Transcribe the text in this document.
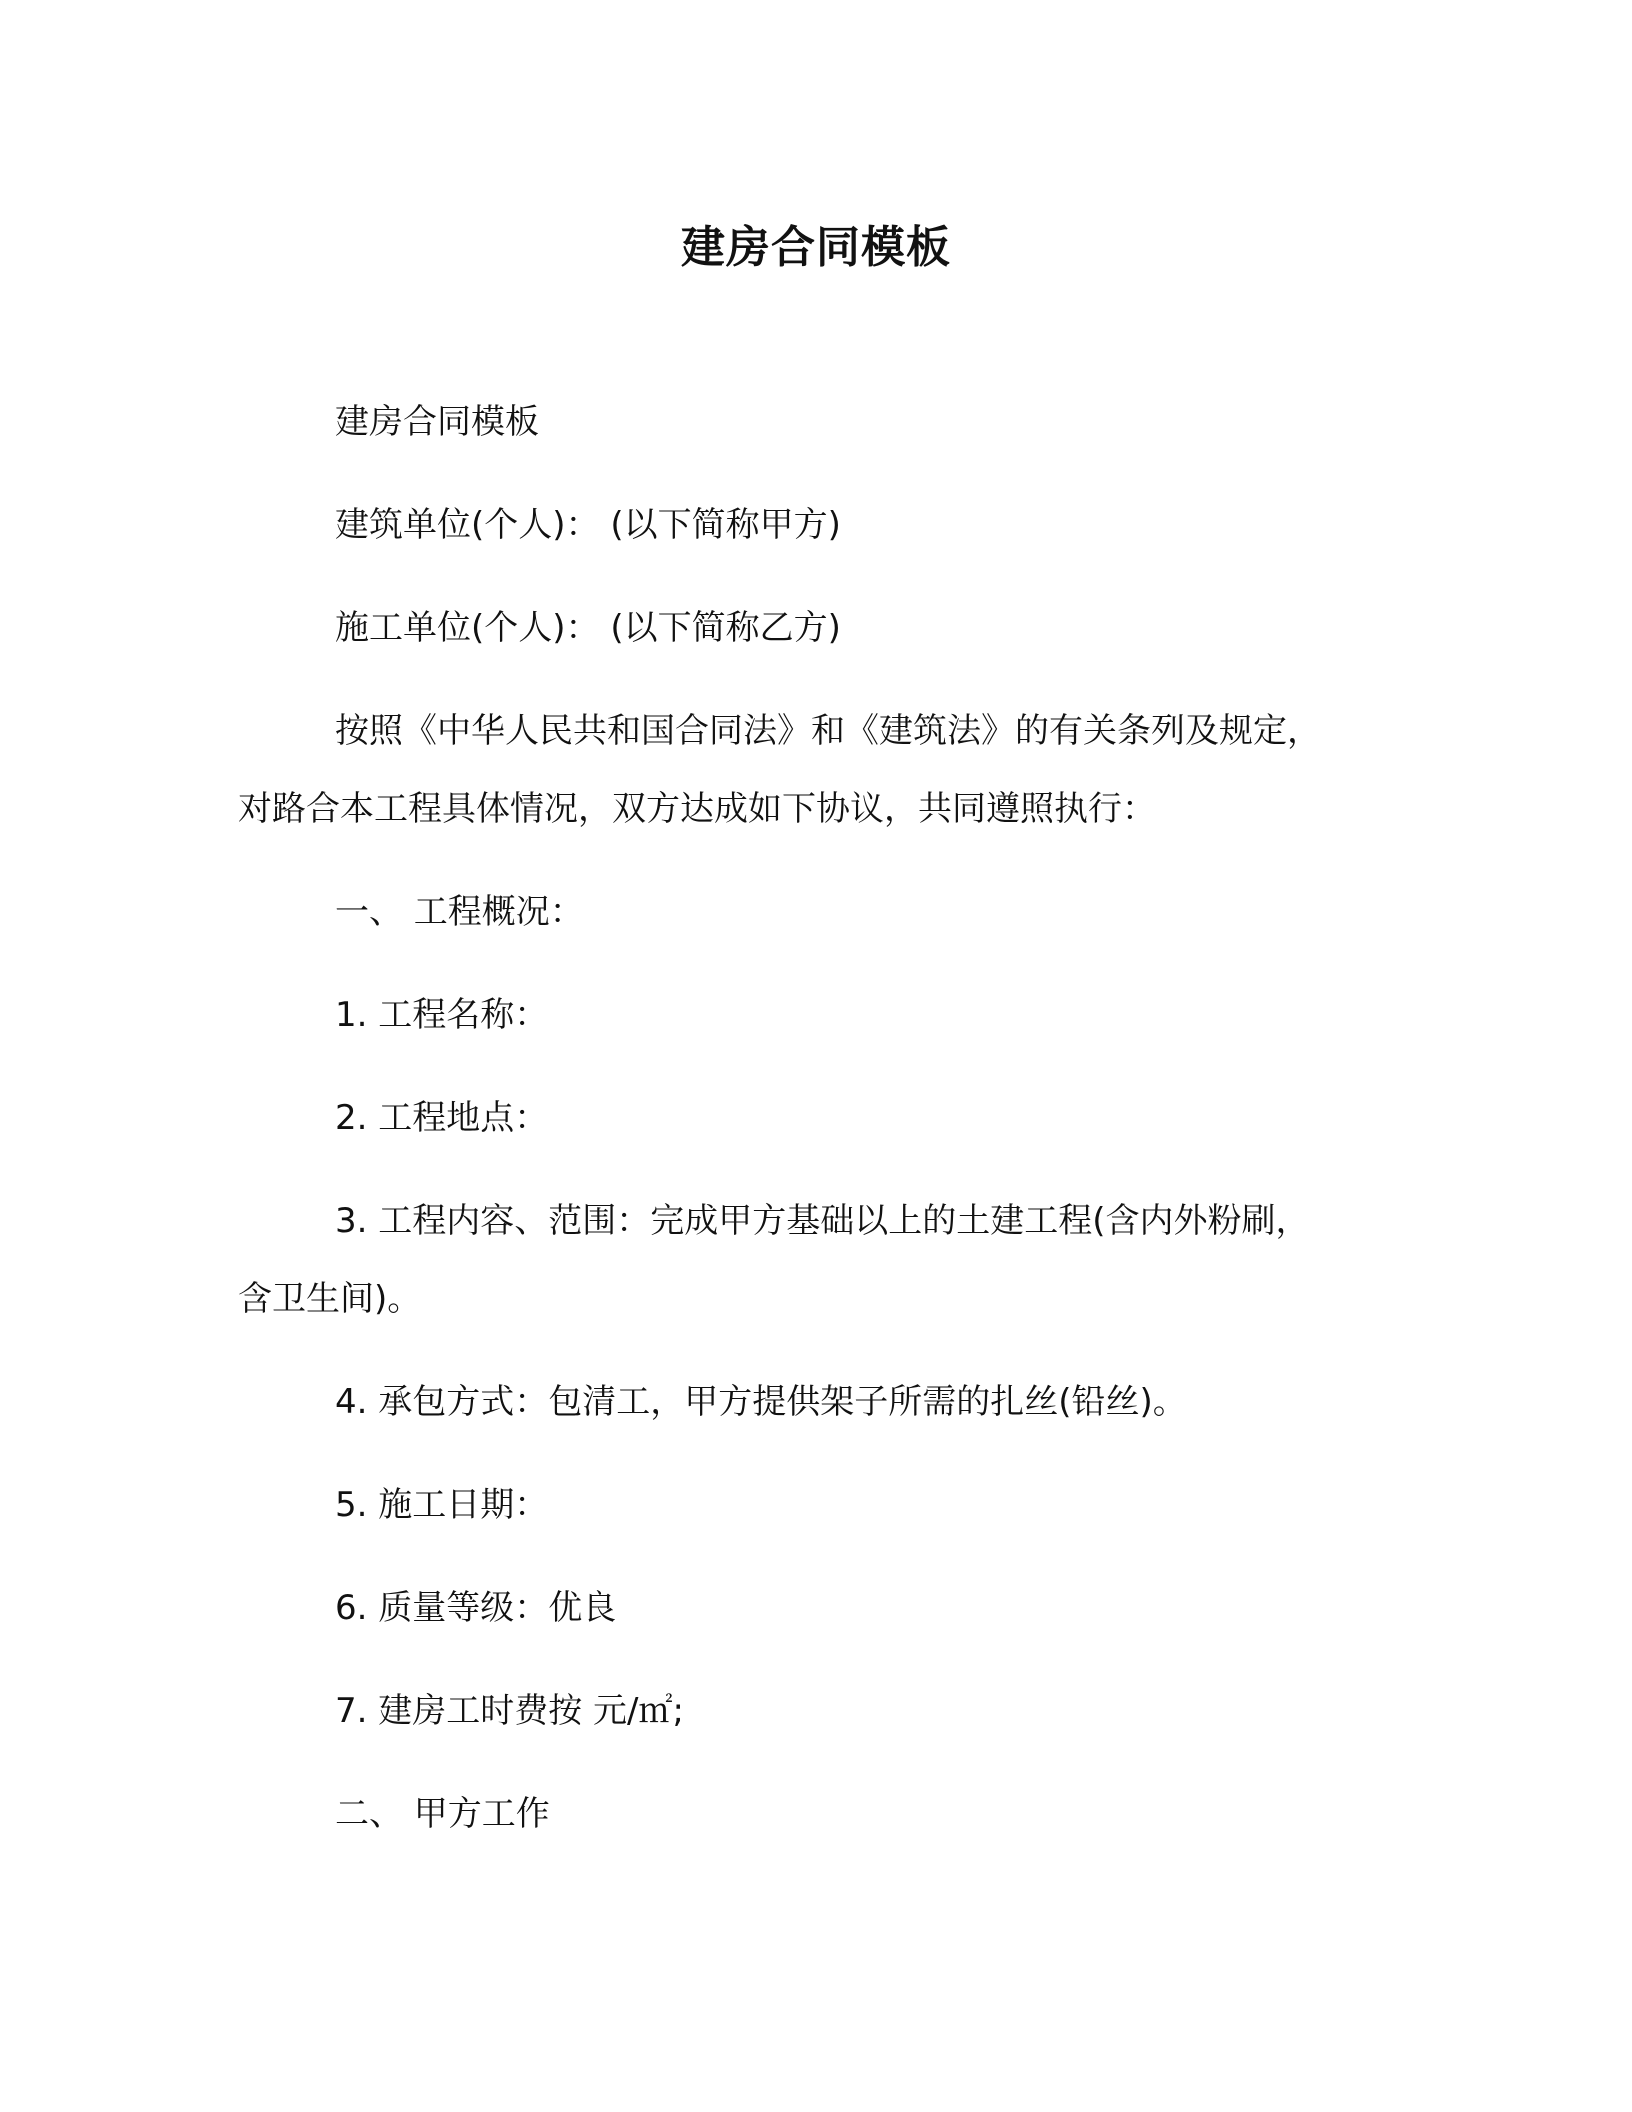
建房合同模板
建房合同模板
建筑单位(个人)： (以下简称甲方)
施工单位(个人)： (以下简称乙方)
按照《中华人民共和国合同法》和《建筑法》的有关条列及规定，
对路合本工程具体情况，双方达成如下协议，共同遵照执行：
一、 工程概况：
1. 工程名称：
2. 工程地点：
3. 工程内容、范围：完成甲方基础以上的土建工程(含内外粉刷，
含卫生间)。
4. 承包方式：包清工，甲方提供架子所需的扎丝(铅丝)。
5. 施工日期：
6. 质量等级：优良
7. 建房工时费按 元/㎡;
二、 甲方工作
